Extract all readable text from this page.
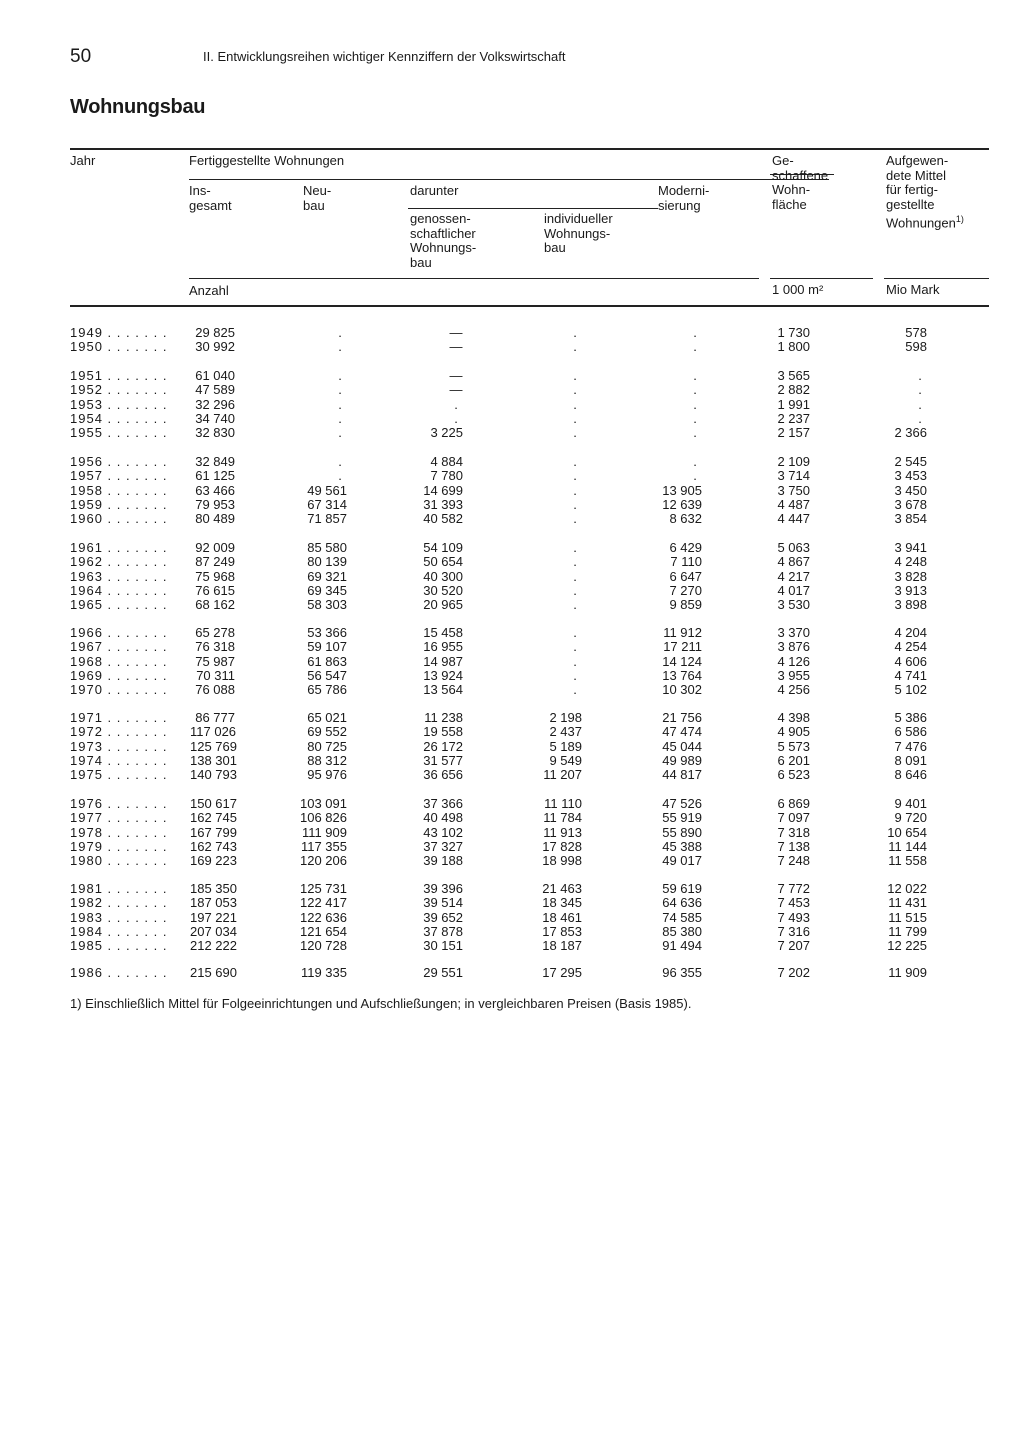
50	II. Entwicklungsreihen wichtiger Kennziffern der Volkswirtschaft
Wohnungsbau
Jahr	Fertiggestellte Wohnungen	Ge-
schaffene
Wohn-
fläche
Aufgewen-
dete Mittel
für fertig-
gestellte
Wohnungen$^{1)}$
Ins-
gesamt
Neu-
bau
darunter	Moderni-
sierung
genossen-
schaftlicher
Wohnungs-
bau
individueller
Wohnungs-
bau
Anzahl	1 000 m²	Mio Mark
1949 . . . . . . .	29 825	.	—	.	.	1 730	578
1950 . . . . . . .	30 992	.	—	.	.	1 800	598
1951 . . . . . . .	61 040	.	—	.	.	3 565	.
1952 . . . . . . .	47 589	.	—	.	.	2 882	.
1953 . . . . . . .	32 296	.	.	.	.	1 991	.
1954 . . . . . . .	34 740	.	.	.	.	2 237	.
1955 . . . . . . .	32 830	.	3 225	.	.	2 157	2 366
1956 . . . . . . .	32 849	.	4 884	.	.	2 109	2 545
1957 . . . . . . .	61 125	.	7 780	.	.	3 714	3 453
1958 . . . . . . .	63 466	49 561	14 699	.	13 905	3 750	3 450
1959 . . . . . . .	79 953	67 314	31 393	.	12 639	4 487	3 678
1960 . . . . . . .	80 489	71 857	40 582	.	8 632	4 447	3 854
1961 . . . . . . .	92 009	85 580	54 109	.	6 429	5 063	3 941
1962 . . . . . . .	87 249	80 139	50 654	.	7 110	4 867	4 248
1963 . . . . . . .	75 968	69 321	40 300	.	6 647	4 217	3 828
1964 . . . . . . .	76 615	69 345	30 520	.	7 270	4 017	3 913
1965 . . . . . . .	68 162	58 303	20 965	.	9 859	3 530	3 898
1966 . . . . . . .	65 278	53 366	15 458	.	11 912	3 370	4 204
1967 . . . . . . .	76 318	59 107	16 955	.	17 211	3 876	4 254
1968 . . . . . . .	75 987	61 863	14 987	.	14 124	4 126	4 606
1969 . . . . . . .	70 311	56 547	13 924	.	13 764	3 955	4 741
1970 . . . . . . .	76 088	65 786	13 564	.	10 302	4 256	5 102
1971 . . . . . . .	86 777	65 021	11 238	2 198	21 756	4 398	5 386
1972 . . . . . . .	117 026	69 552	19 558	2 437	47 474	4 905	6 586
1973 . . . . . . .	125 769	80 725	26 172	5 189	45 044	5 573	7 476
1974 . . . . . . .	138 301	88 312	31 577	9 549	49 989	6 201	8 091
1975 . . . . . . .	140 793	95 976	36 656	11 207	44 817	6 523	8 646
1976 . . . . . . .	150 617	103 091	37 366	11 110	47 526	6 869	9 401
1977 . . . . . . .	162 745	106 826	40 498	11 784	55 919	7 097	9 720
1978 . . . . . . .	167 799	111 909	43 102	11 913	55 890	7 318	10 654
1979 . . . . . . .	162 743	117 355	37 327	17 828	45 388	7 138	11 144
1980 . . . . . . .	169 223	120 206	39 188	18 998	49 017	7 248	11 558
1981 . . . . . . .	185 350	125 731	39 396	21 463	59 619	7 772	12 022
1982 . . . . . . .	187 053	122 417	39 514	18 345	64 636	7 453	11 431
1983 . . . . . . .	197 221	122 636	39 652	18 461	74 585	7 493	11 515
1984 . . . . . . .	207 034	121 654	37 878	17 853	85 380	7 316	11 799
1985 . . . . . . .	212 222	120 728	30 151	18 187	91 494	7 207	12 225
1986 . . . . . . .	215 690	119 335	29 551	17 295	96 355	7 202	11 909
1) Einschließlich Mittel für Folgeeinrichtungen und Aufschließungen; in vergleichbaren Preisen (Basis 1985).
